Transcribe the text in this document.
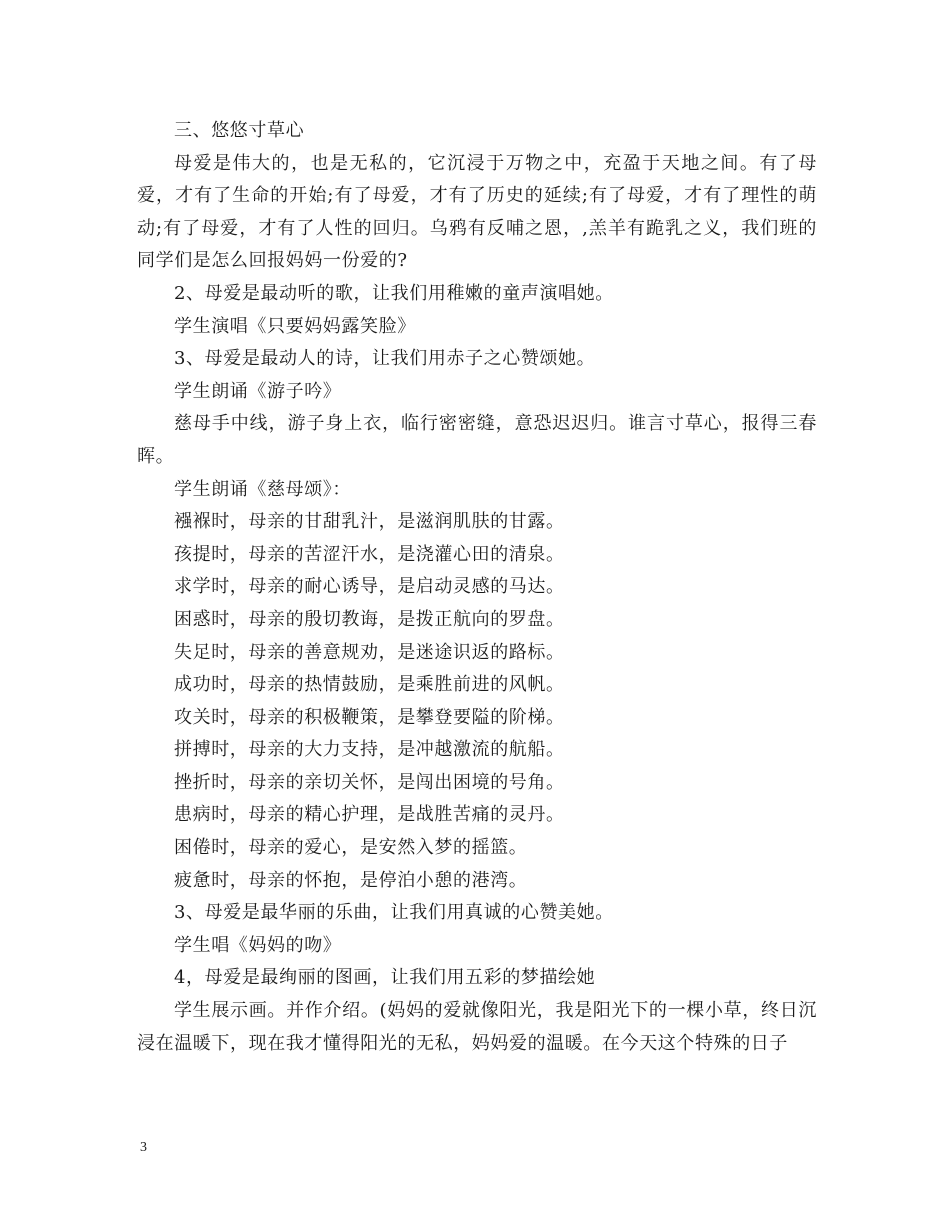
三、悠悠寸草心

母爱是伟大的，也是无私的，它沉浸于万物之中，充盈于天地之间。有了母爱，才有了生命的开始;有了母爱，才有了历史的延续;有了母爱，才有了理性的萌动;有了母爱，才有了人性的回归。乌鸦有反哺之恩，,羔羊有跪乳之义，我们班的同学们是怎么回报妈妈一份爱的?

2、母爱是最动听的歌，让我们用稚嫩的童声演唱她。

学生演唱《只要妈妈露笑脸》

3、母爱是最动人的诗，让我们用赤子之心赞颂她。

学生朗诵《游子吟》

慈母手中线，游子身上衣，临行密密缝，意恐迟迟归。谁言寸草心，报得三春晖。

学生朗诵《慈母颂》：

襁褓时，母亲的甘甜乳汁，是滋润肌肤的甘露。

孩提时，母亲的苦涩汗水，是浇灌心田的清泉。

求学时，母亲的耐心诱导，是启动灵感的马达。

困惑时，母亲的殷切教诲，是拨正航向的罗盘。

失足时，母亲的善意规劝，是迷途识返的路标。

成功时，母亲的热情鼓励，是乘胜前进的风帆。

攻关时，母亲的积极鞭策，是攀登要隘的阶梯。

拼搏时，母亲的大力支持，是冲越激流的航船。

挫折时，母亲的亲切关怀，是闯出困境的号角。

患病时，母亲的精心护理，是战胜苦痛的灵丹。

困倦时，母亲的爱心，是安然入梦的摇篮。

疲惫时，母亲的怀抱，是停泊小憩的港湾。

3、母爱是最华丽的乐曲，让我们用真诚的心赞美她。

学生唱《妈妈的吻》

4，母爱是最绚丽的图画，让我们用五彩的梦描绘她

学生展示画。并作介绍。(妈妈的爱就像阳光，我是阳光下的一棵小草，终日沉浸在温暖下，现在我才懂得阳光的无私，妈妈爱的温暖。在今天这个特殊的日子

3
